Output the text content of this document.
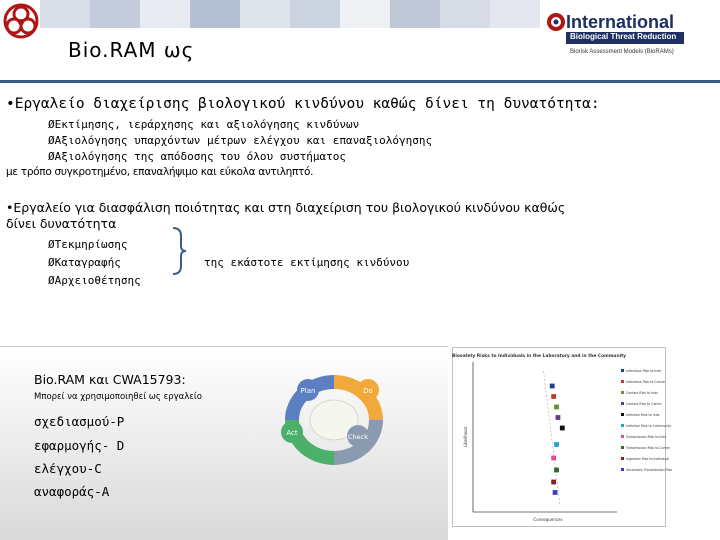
Bio.RAM ως
International
Biological Threat Reduction
Biorisk Assessment Models (BioRAMs)
•Εργαλείο διαχείρισης βιολογικού κινδύνου καθώς δίνει τη δυνατότητα:
ØΕκτίμησης, ιεράρχησης και αξιολόγησης κινδύνων
ØΑξιολόγησης υπαρχόντων μέτρων ελέγχου και επαναξιολόγησης
ØΑξιολόγησης της απόδοσης του όλου συστήματος
με τρόπο συγκροτημένο, επαναλήψιμο και εύκολα αντιληπτό.
•Εργαλείο για διασφάλιση ποιότητας και στη διαχείριση του βιολογικού κινδύνου καθώς
δίνει δυνατότητα
ØΤεκμηρίωσης
ØΚαταγραφής
ØΑρχειοθέτησης
της εκάστοτε εκτίμησης κινδύνου
Bio.RAM και CWA15793:
Μπορεί να χρησιμοποιηθεί ως εργαλείο
σχεδιασμού-P
εφαρμογής- D
ελέγχου-C
αναφοράς-A
Plan	Do
Check
Act
Biosafety Risks to Individuals in the Laboratory and in the Community
Consequences
Likelihood
Infectious Risk to Indv
Infectious Risk to Comm
Contact Risk to Indv
Contact Risk to Comm
Infection Risk to Indv
Infection Risk to Community
Transmission Risk to Indv
Transmission Risk to Comm
Ingestion Risk to Individual
Secondary Transmission Risk
